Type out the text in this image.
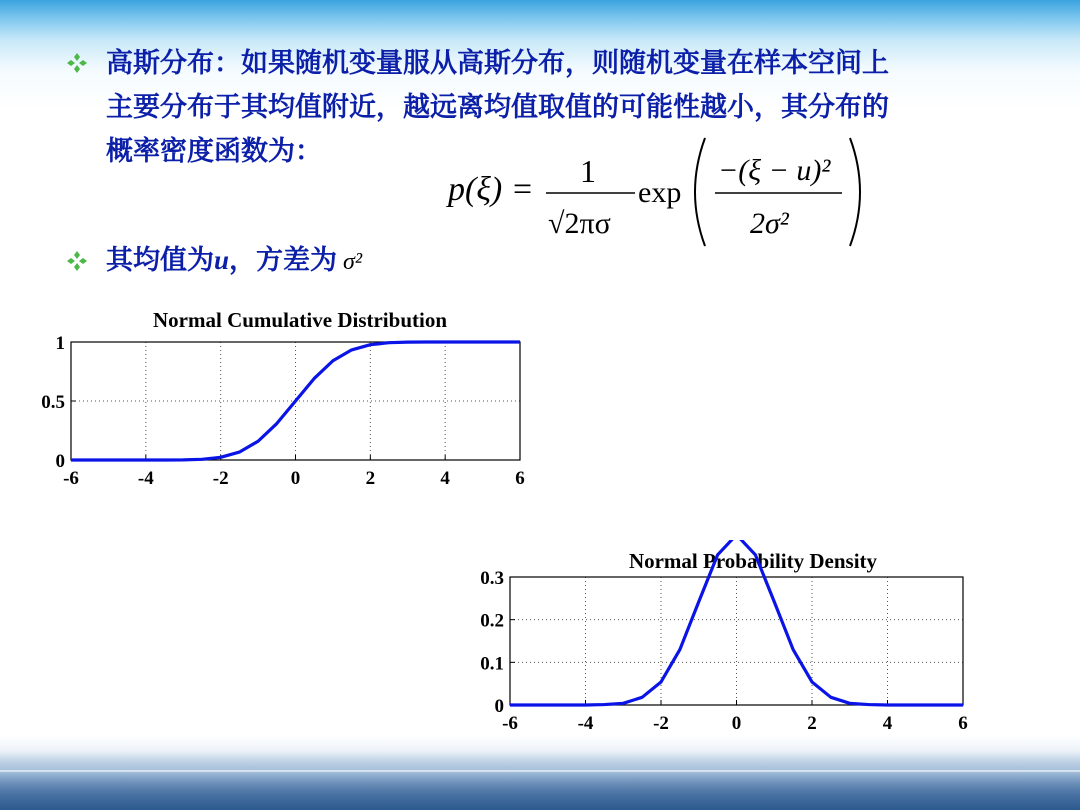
高斯分布：如果随机变量服从高斯分布，则随机变量在样本空间上
主要分布于其均值附近，越远离均值取值的可能性越小，其分布的
概率密度函数为：
p(ξ) = 1
√2πσ
exp
−(ξ − u)²
2σ²
其均值为u，方差为 σ²
Normal Cumulative Distribution
-6	-4	-2	0	2	4	6
0
0.5
1
Normal Probability Density
-6	-4	-2	0	2	4	6
0
0.1
0.2
0.3
